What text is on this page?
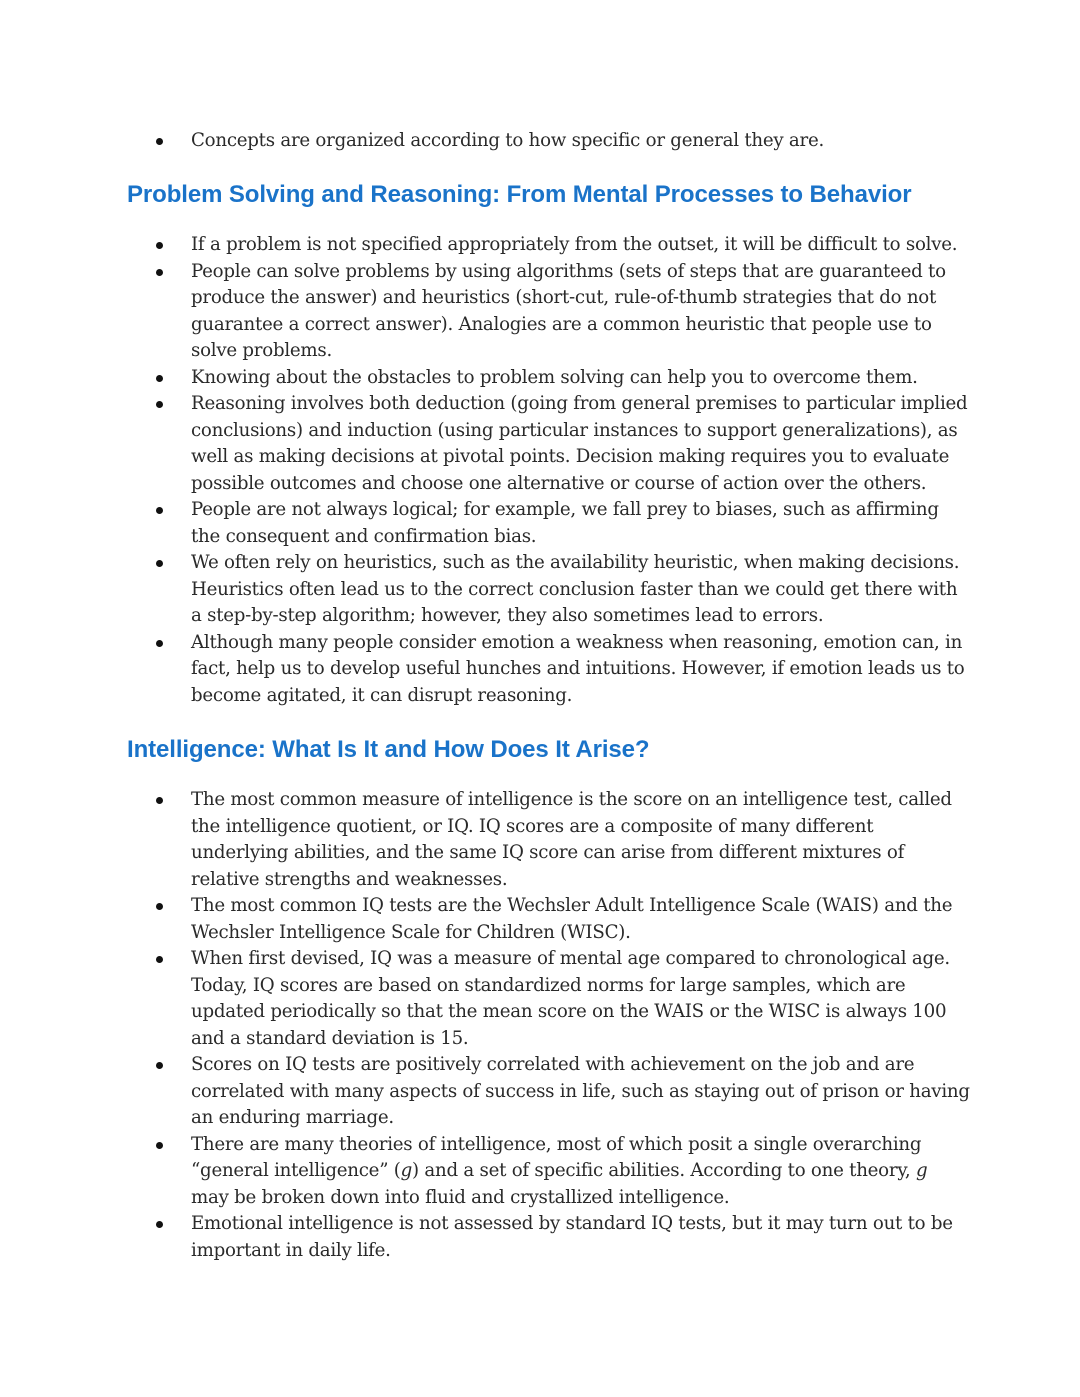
Concepts are organized according to how specific or general they are.
Problem Solving and Reasoning: From Mental Processes to Behavior
If a problem is not specified appropriately from the outset, it will be difficult to solve.
People can solve problems by using algorithms (sets of steps that are guaranteed to produce the answer) and heuristics (short-cut, rule-of-thumb strategies that do not guarantee a correct answer). Analogies are a common heuristic that people use to solve problems.
Knowing about the obstacles to problem solving can help you to overcome them.
Reasoning involves both deduction (going from general premises to particular implied conclusions) and induction (using particular instances to support generalizations), as well as making decisions at pivotal points. Decision making requires you to evaluate possible outcomes and choose one alternative or course of action over the others.
People are not always logical; for example, we fall prey to biases, such as affirming the consequent and confirmation bias.
We often rely on heuristics, such as the availability heuristic, when making decisions. Heuristics often lead us to the correct conclusion faster than we could get there with a step-by-step algorithm; however, they also sometimes lead to errors.
Although many people consider emotion a weakness when reasoning, emotion can, in fact, help us to develop useful hunches and intuitions. However, if emotion leads us to become agitated, it can disrupt reasoning.
Intelligence: What Is It and How Does It Arise?
The most common measure of intelligence is the score on an intelligence test, called the intelligence quotient, or IQ. IQ scores are a composite of many different underlying abilities, and the same IQ score can arise from different mixtures of relative strengths and weaknesses.
The most common IQ tests are the Wechsler Adult Intelligence Scale (WAIS) and the Wechsler Intelligence Scale for Children (WISC).
When first devised, IQ was a measure of mental age compared to chronological age. Today, IQ scores are based on standardized norms for large samples, which are updated periodically so that the mean score on the WAIS or the WISC is always 100 and a standard deviation is 15.
Scores on IQ tests are positively correlated with achievement on the job and are correlated with many aspects of success in life, such as staying out of prison or having an enduring marriage.
There are many theories of intelligence, most of which posit a single overarching “general intelligence” (g) and a set of specific abilities. According to one theory, g may be broken down into fluid and crystallized intelligence.
Emotional intelligence is not assessed by standard IQ tests, but it may turn out to be important in daily life.
